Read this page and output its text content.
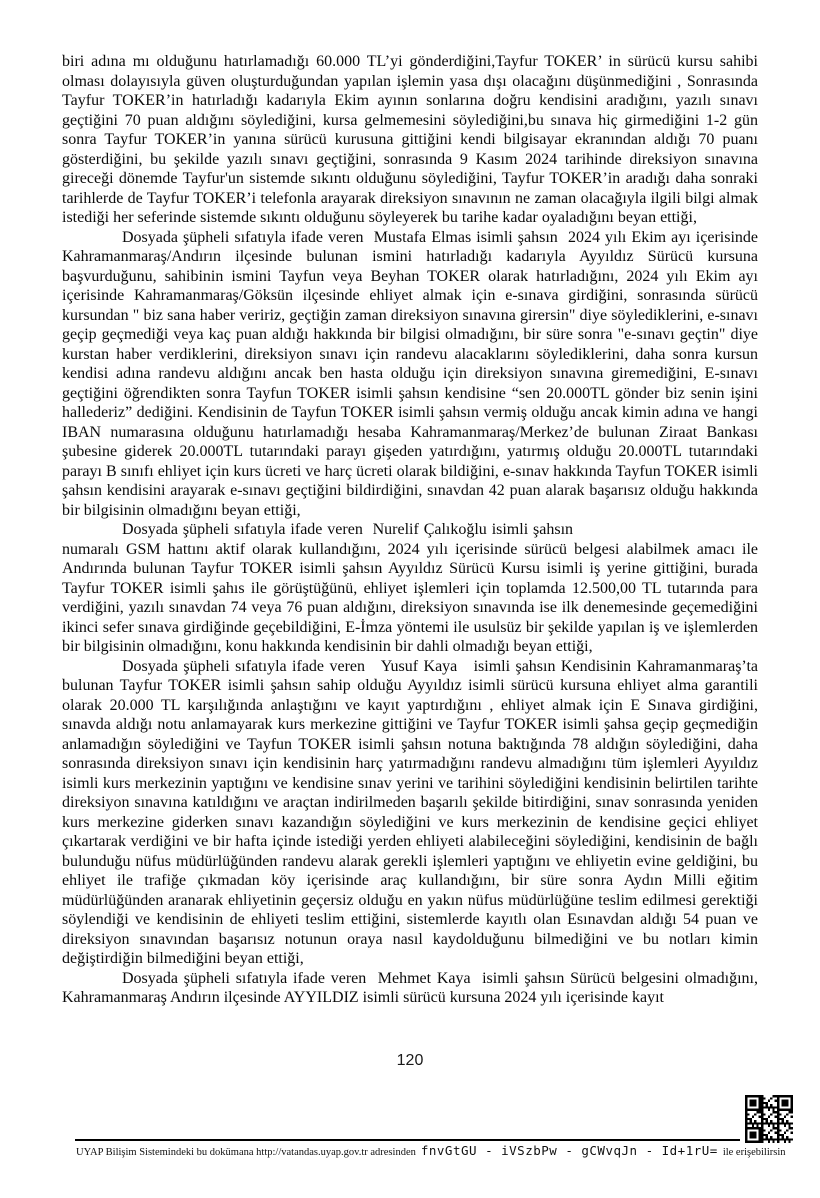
biri adına mı olduğunu hatırlamadığı 60.000 TL’yi gönderdiğini,Tayfur TOKER’ in sürücü kursu sahibi olması dolayısıyla güven oluşturduğundan yapılan işlemin yasa dışı olacağını düşünmediğini , Sonrasında Tayfur TOKER’in hatırladığı kadarıyla Ekim ayının sonlarına doğru kendisini aradığını, yazılı sınavı geçtiğini 70 puan aldığını söylediğini, kursa gelmemesini söylediğini,bu sınava hiç girmediğini 1-2 gün sonra Tayfur TOKER’in yanına sürücü kurusuna gittiğini kendi bilgisayar ekranından aldığı 70 puanı gösterdiğini, bu şekilde yazılı sınavı geçtiğini, sonrasında 9 Kasım 2024 tarihinde direksiyon sınavına gireceği dönemde Tayfur'un sistemde sıkıntı olduğunu söylediğini, Tayfur TOKER’in aradığı daha sonraki tarihlerde de Tayfur TOKER’i telefonla arayarak direksiyon sınavının ne zaman olacağıyla ilgili bilgi almak istediği her seferinde sistemde sıkıntı olduğunu söyleyerek bu tarihe kadar oyaladığını beyan ettiği,

Dosyada şüpheli sıfatıyla ifade veren  Mustafa Elmas isimli şahsın  2024 yılı Ekim ayı içerisinde Kahramanmaraş/Andırın ilçesinde bulunan ismini hatırladığı kadarıyla Ayyıldız Sürücü kursuna başvurduğunu, sahibinin ismini Tayfun veya Beyhan TOKER olarak hatırladığını, 2024 yılı Ekim ayı içerisinde Kahramanmaraş/Göksün ilçesinde ehliyet almak için e-sınava girdiğini, sonrasında sürücü kursundan " biz sana haber veririz, geçtiğin zaman direksiyon sınavına girersin" diye söylediklerini, e-sınavı geçip geçmediği veya kaç puan aldığı hakkında bir bilgisi olmadığını, bir süre sonra "e-sınavı geçtin" diye kurstan haber verdiklerini, direksiyon sınavı için randevu alacaklarını söylediklerini, daha sonra kursun kendisi adına randevu aldığını ancak ben hasta olduğu için direksiyon sınavına giremediğini, E-sınavı geçtiğini öğrendikten sonra Tayfun TOKER isimli şahsın kendisine “sen 20.000TL gönder biz senin işini hallederiz” dediğini. Kendisinin de Tayfun TOKER isimli şahsın vermiş olduğu ancak kimin adına ve hangi IBAN numarasına olduğunu hatırlamadığı hesaba Kahramanmaraş/Merkez’de bulunan Ziraat Bankası şubesine giderek 20.000TL tutarındaki parayı gişeden yatırdığını, yatırmış olduğu 20.000TL tutarındaki parayı B sınıfı ehliyet için kurs ücreti ve harç ücreti olarak bildiğini, e-sınav hakkında Tayfun TOKER isimli şahsın kendisini arayarak e-sınavı geçtiğini bildirdiğini, sınavdan 42 puan alarak başarısız olduğu hakkında bir bilgisinin olmadığını beyan ettiği,

Dosyada şüpheli sıfatıyla ifade veren  Nurelif Çalıkoğlu isimli şahsın                                       numaralı GSM hattını aktif olarak kullandığını, 2024 yılı içerisinde sürücü belgesi alabilmek amacı ile Andırında bulunan Tayfur TOKER isimli şahsın Ayyıldız Sürücü Kursu isimli iş yerine gittiğini, burada Tayfur TOKER isimli şahıs ile görüştüğünü, ehliyet işlemleri için toplamda 12.500,00 TL tutarında para verdiğini, yazılı sınavdan 74 veya 76 puan aldığını, direksiyon sınavında ise ilk denemesinde geçemediğini ikinci sefer sınava girdiğinde geçebildiğini, E-İmza yöntemi ile usulsüz bir şekilde yapılan iş ve işlemlerden bir bilgisinin olmadığını, konu hakkında kendisinin bir dahli olmadığı beyan ettiği,

Dosyada şüpheli sıfatıyla ifade veren   Yusuf Kaya   isimli şahsın Kendisinin Kahramanmaraş’ta bulunan Tayfur TOKER isimli şahsın sahip olduğu Ayyıldız isimli sürücü kursuna ehliyet alma garantili olarak 20.000 TL karşılığında anlaştığını ve kayıt yaptırdığını , ehliyet almak için E Sınava girdiğini, sınavda aldığı notu anlamayarak kurs merkezine gittiğini ve Tayfur TOKER isimli şahsa geçip geçmediğin anlamadığın söylediğini ve Tayfun TOKER isimli şahsın notuna baktığında 78 aldığın söylediğini, daha sonrasında direksiyon sınavı için kendisinin harç yatırmadığını randevu almadığını tüm işlemleri Ayyıldız isimli kurs merkezinin yaptığını ve kendisine sınav yerini ve tarihini söylediğini kendisinin belirtilen tarihte direksiyon sınavına katıldığını ve araçtan indirilmeden başarılı şekilde bitirdiğini, sınav sonrasında yeniden kurs merkezine giderken sınavı kazandığın söylediğini ve kurs merkezinin de kendisine geçici ehliyet çıkartarak verdiğini ve bir hafta içinde istediği yerden ehliyeti alabileceğini söylediğini, kendisinin de bağlı bulunduğu nüfus müdürlüğünden randevu alarak gerekli işlemleri yaptığını ve ehliyetin evine geldiğini, bu ehliyet ile trafiğe çıkmadan köy içerisinde araç kullandığını, bir süre sonra Aydın Milli eğitim müdürlüğünden aranarak ehliyetinin geçersiz olduğu en yakın nüfus müdürlüğüne teslim edilmesi gerektiği söylendiği ve kendisinin de ehliyeti teslim ettiğini, sistemlerde kayıtlı olan Esınavdan aldığı 54 puan ve direksiyon sınavından başarısız notunun oraya nasıl kaydolduğunu bilmediğini ve bu notları kimin değiştirdiğin bilmediğini beyan ettiği,

Dosyada şüpheli sıfatıyla ifade veren  Mehmet Kaya  isimli şahsın Sürücü belgesini olmadığını, Kahramanmaraş Andırın ilçesinde AYYILDIZ isimli sürücü kursuna 2024 yılı içerisinde kayıt

120
UYAP Bilişim Sistemindeki bu dokümana http://vatandas.uyap.gov.tr adresinden fnvGtGU - iVSzbPw - gCWvqJn - Id+1rU= ile erişebilirsin
